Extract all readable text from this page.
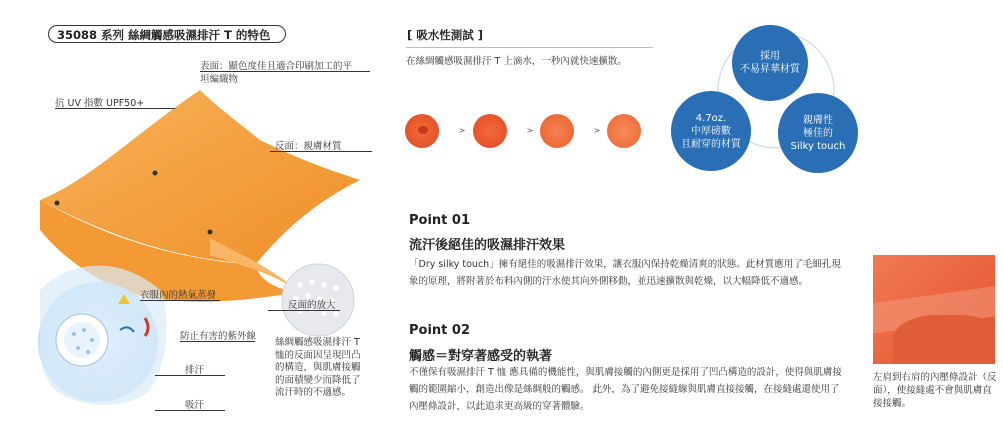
35088 系列 絲綢觸感吸濕排汗 T 的特色
表面：顯色度佳且適合印刷加工的平坦編織物
抗 UV 指數 UPF50+
反面：親膚材質
衣服內的熱氣蒸發
防止有害的紫外線
排汗
吸汗
反面的放大
絲綢觸感吸濕排汗 T 恤的反面因呈現凹凸的構造，與肌膚接觸的面積變少而降低了流汗時的不適感。
[ 吸水性測試 ]
在絲綢觸感吸濕排汗 T 上滴水，一秒內就快速擴散。
>	>	>
採用
不易昇華材質
4.7oz.
中厚磅數
且耐穿的材質
親膚性
極佳的
Silky touch
Point 01
流汗後絕佳的吸濕排汗效果
「Dry silky touch」擁有絕佳的吸濕排汗效果，讓衣服內保持乾燥清爽的狀態。此材質應用了毛細孔現象的原理，將附著於布料內側的汗水使其向外側移動，並迅速擴散與乾燥，以大幅降低不適感。
Point 02
觸感＝對穿著感受的執著
不僅保有吸濕排汗 T 恤 應具備的機能性，與肌膚接觸的內側更是採用了凹凸構造的設計，使得與肌膚接觸的範圍縮小，創造出像是絲綢般的觸感。 此外，為了避免接縫線與肌膚直接接觸，在接縫處還使用了內壓條設計，以此追求更高級的穿著體驗。
左肩到右肩的內壓條設計（反面），使接縫處不會與肌膚直接接觸。
